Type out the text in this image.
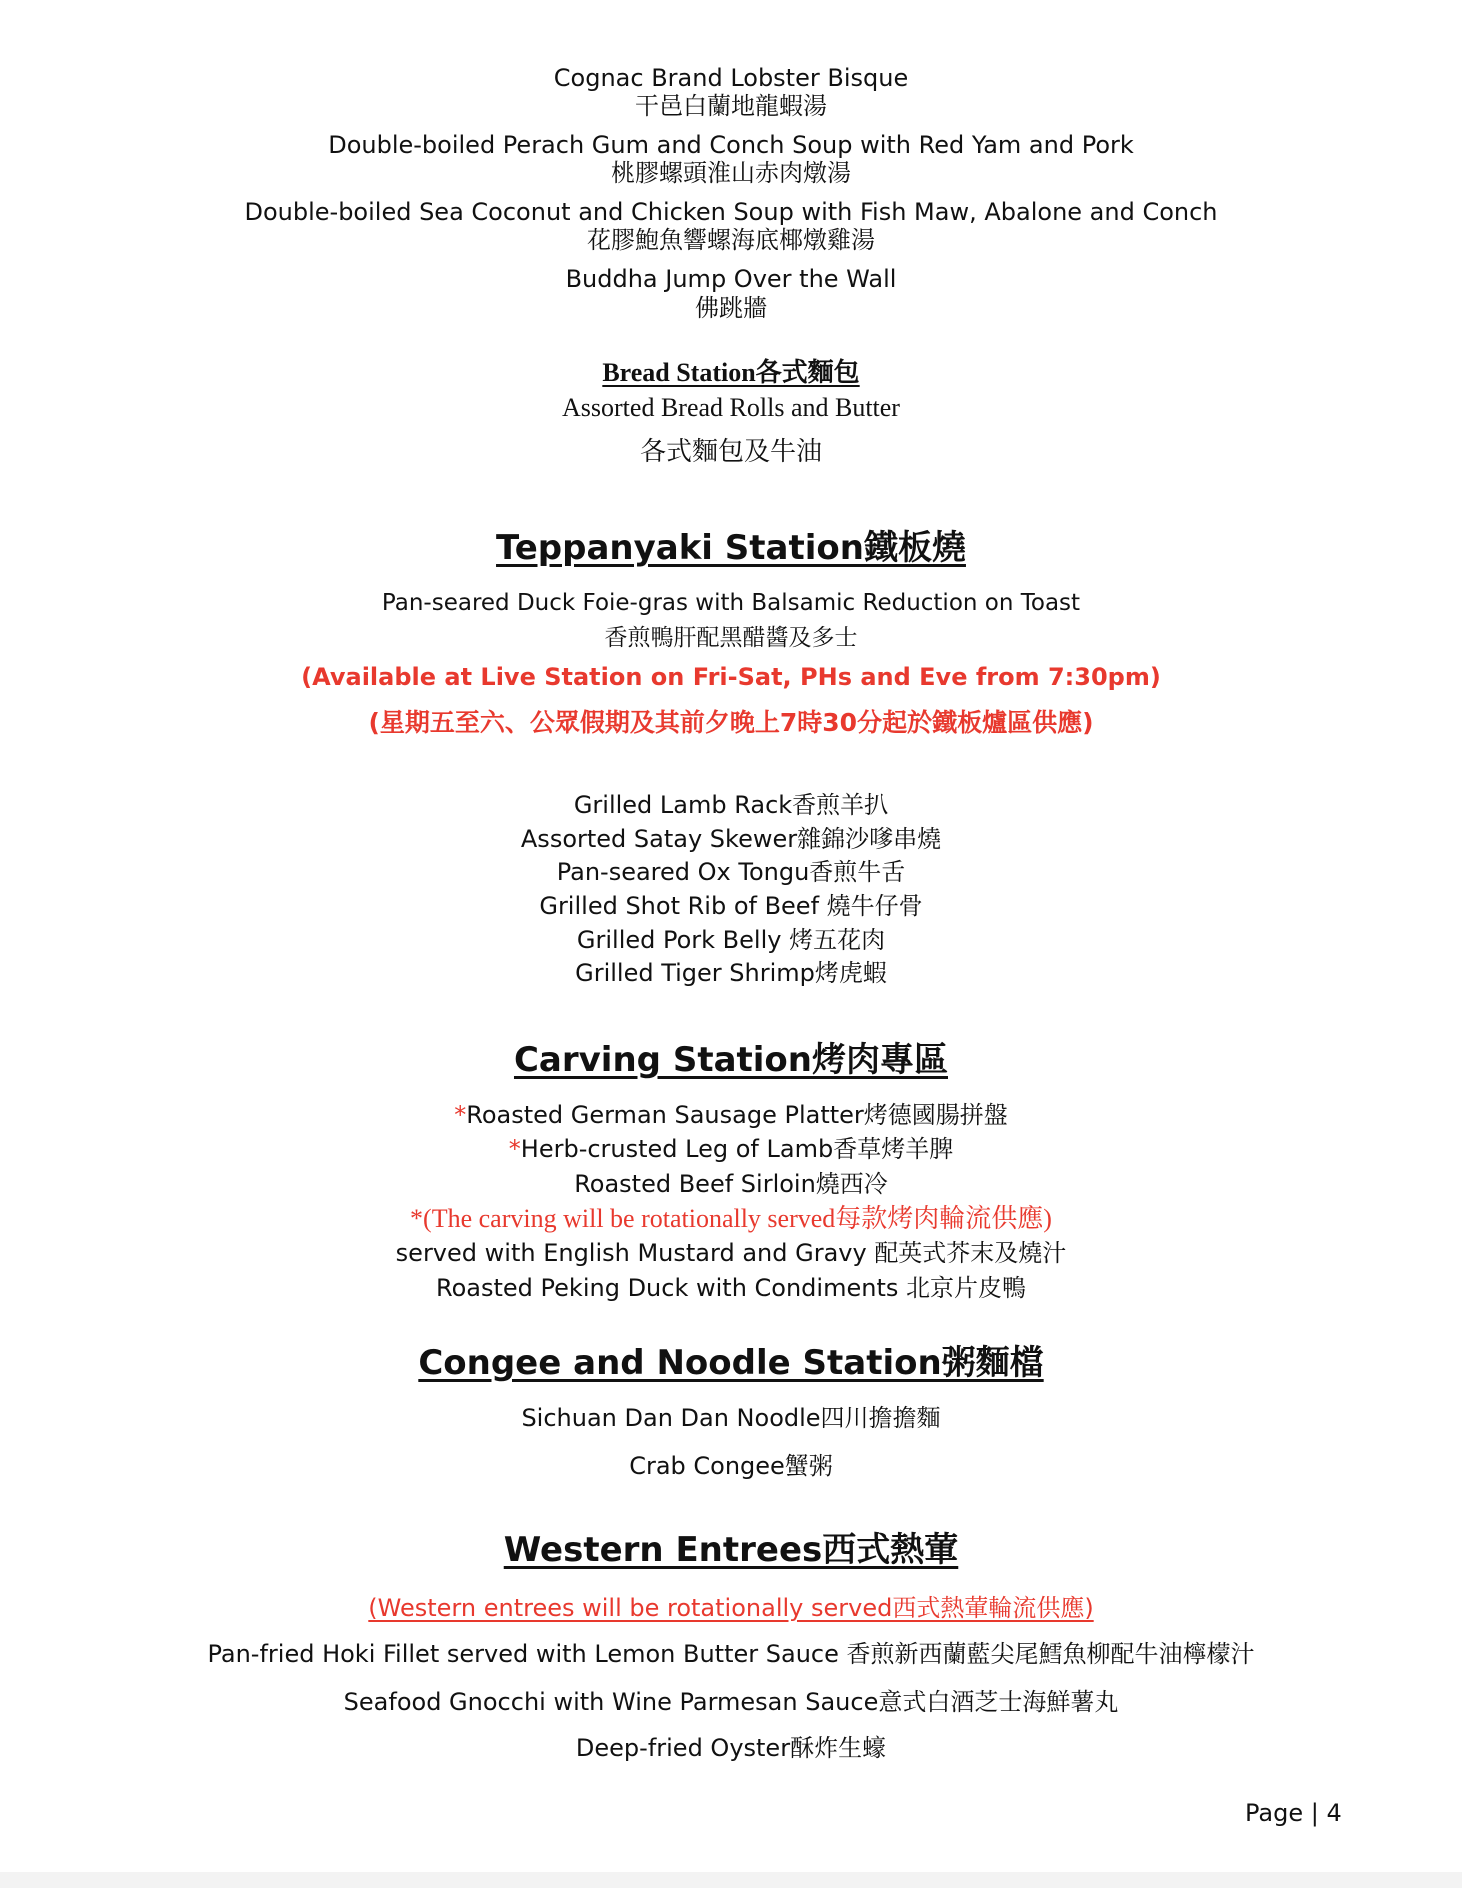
Cognac Brand Lobster Bisque
干邑白蘭地龍蝦湯
Double-boiled Perach Gum and Conch Soup with Red Yam and Pork
桃膠螺頭淮山赤肉燉湯
Double-boiled Sea Coconut and Chicken Soup with Fish Maw, Abalone and Conch
花膠鮑魚響螺海底椰燉雞湯
Buddha Jump Over the Wall
佛跳牆
Bread Station各式麵包
Assorted Bread Rolls and Butter
各式麵包及牛油
Teppanyaki Station鐵板燒
Pan-seared Duck Foie-gras with Balsamic Reduction on Toast
香煎鴨肝配黑醋醬及多士
(Available at Live Station on Fri-Sat, PHs and Eve from 7:30pm)
(星期五至六、公眾假期及其前夕晚上7時30分起於鐵板爐區供應)
Grilled Lamb Rack香煎羊扒
Assorted Satay Skewer雜錦沙嗲串燒
Pan-seared Ox Tongu香煎牛舌
Grilled Shot Rib of Beef 燒牛仔骨
Grilled Pork Belly 烤五花肉
Grilled Tiger Shrimp烤虎蝦
Carving Station烤肉專區
*Roasted German Sausage Platter烤德國腸拼盤
*Herb-crusted Leg of Lamb香草烤羊脾
Roasted Beef Sirloin燒西冷
*(The carving will be rotationally served每款烤肉輪流供應)
served with English Mustard and Gravy 配英式芥末及燒汁
Roasted Peking Duck with Condiments 北京片皮鴨
Congee and Noodle Station粥麵檔
Sichuan Dan Dan Noodle四川擔擔麵
Crab Congee蟹粥
Western Entrees西式熱葷
(Western entrees will be rotationally served西式熱葷輪流供應)
Pan-fried Hoki Fillet served with Lemon Butter Sauce 香煎新西蘭藍尖尾鱈魚柳配牛油檸檬汁
Seafood Gnocchi with Wine Parmesan Sauce意式白酒芝士海鮮薯丸
Deep-fried Oyster酥炸生蠔
Page | 4
